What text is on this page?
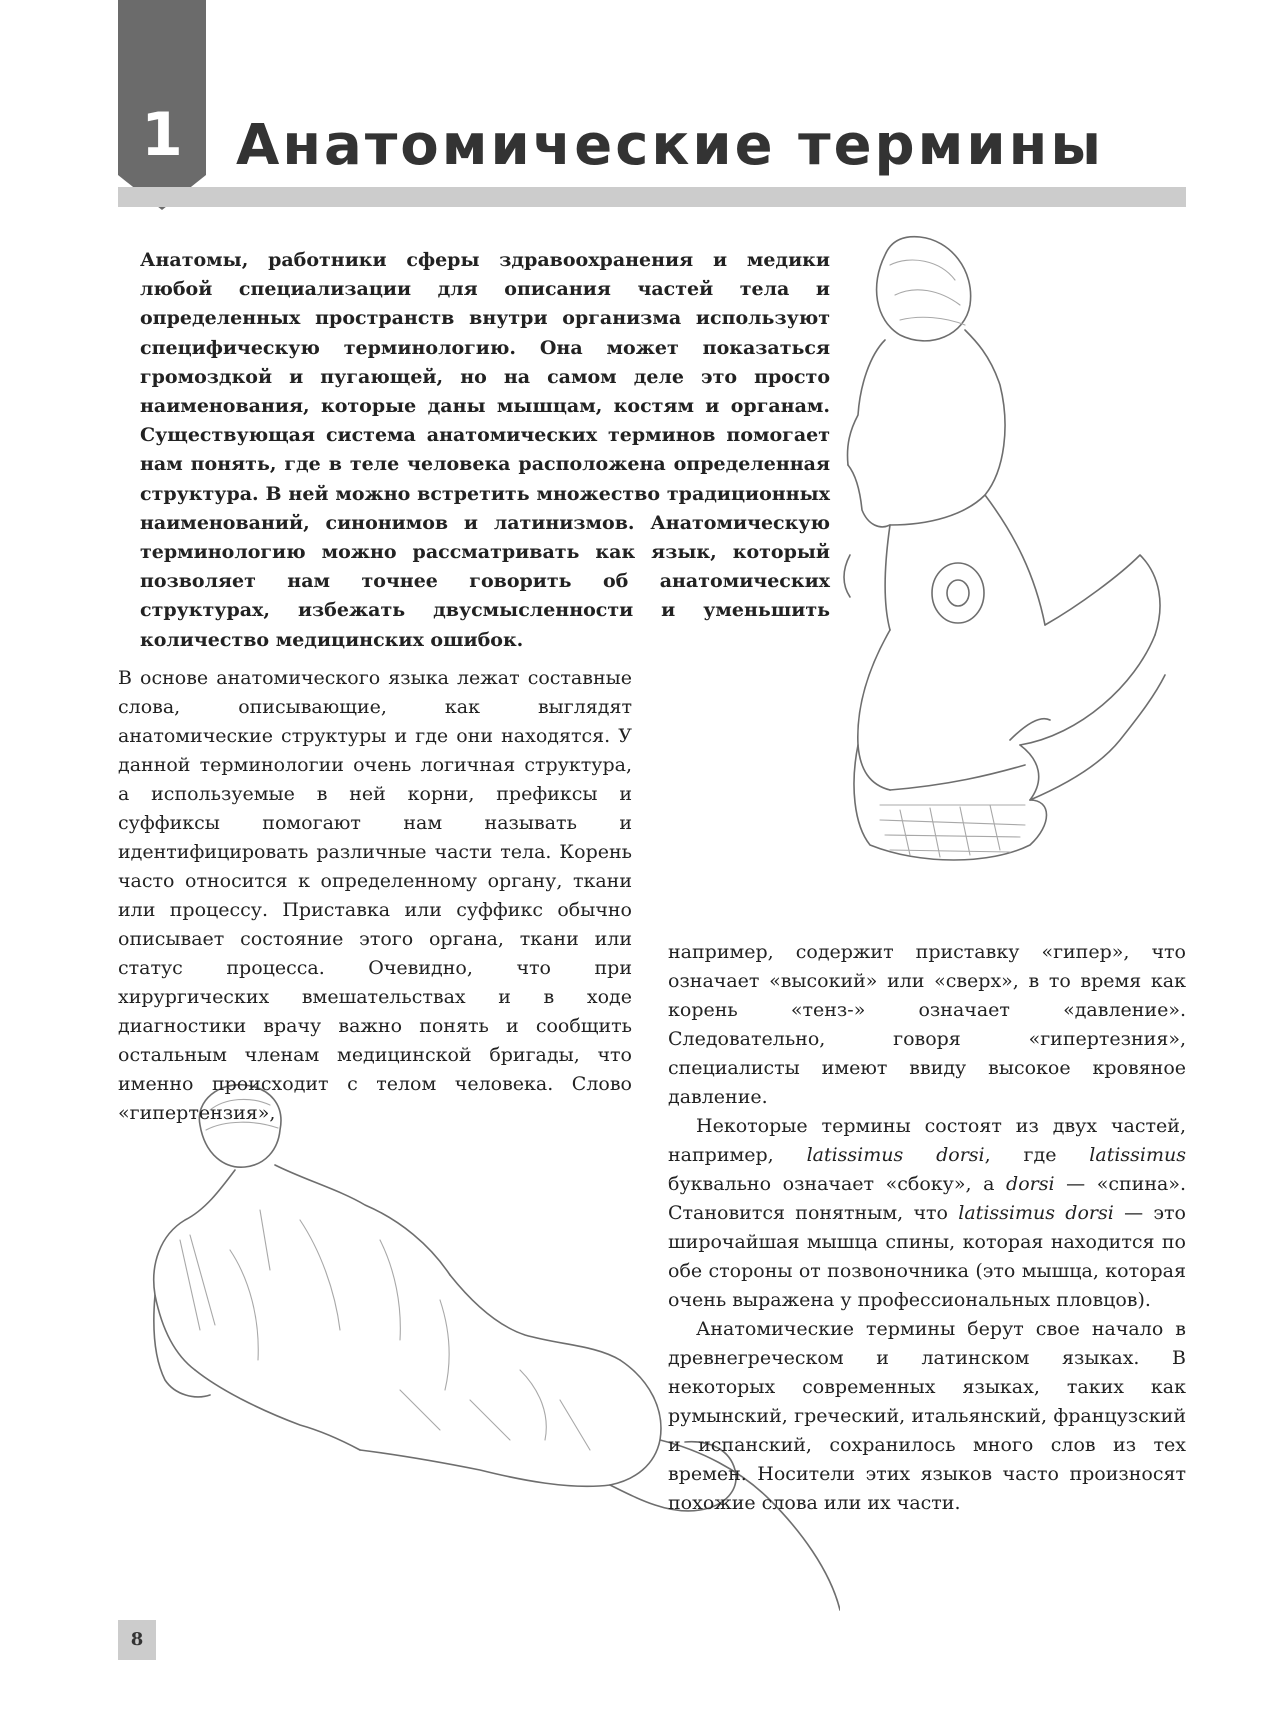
1 Анатомические термины

Анатомы, работники сферы здравоохранения и медики любой специализации для описания частей тела и определенных пространств внутри организма используют специфическую терминологию. Она может показаться громоздкой и пугающей, но на самом деле это просто наименования, которые даны мышцам, костям и органам. Существующая система анатомических терминов помогает нам понять, где в теле человека расположена определенная структура. В ней можно встретить множество традиционных наименований, синонимов и латинизмов. Анатомическую терминологию можно рассматривать как язык, который позволяет нам точнее говорить об анатомических структурах, избежать двусмысленности и уменьшить количество медицинских ошибок.

В основе анатомического языка лежат составные слова, описывающие, как выглядят анатомические структуры и где они находятся. У данной терминологии очень логичная структура, а используемые в ней корни, префиксы и суффиксы помогают нам называть и идентифицировать различные части тела. Корень часто относится к определенному органу, ткани или процессу. Приставка или суффикс обычно описывает состояние этого органа, ткани или статус процесса. Очевидно, что при хирургических вмешательствах и в ходе диагностики врачу важно понять и сообщить остальным членам медицинской бригады, что именно происходит с телом человека. Слово «гипертензия»,

например, содержит приставку «гипер», что означает «высокий» или «сверх», в то время как корень «тенз-» означает «давление». Следовательно, говоря «гипертезния», специалисты имеют ввиду высокое кровяное давление.

Некоторые термины состоят из двух частей, например, latissimus dorsi, где latissimus буквально означает «сбоку», а dorsi — «спина». Становится понятным, что latissimus dorsi — это широчайшая мышца спины, которая находится по обе стороны от позвоночника (это мышца, которая очень выражена у профессиональных пловцов).

Анатомические термины берут свое начало в древнегреческом и латинском языках. В некоторых современных языках, таких как румынский, греческий, итальянский, французский и испанский, сохранилось много слов из тех времен. Носители этих языков часто произносят похожие слова или их части.

8
